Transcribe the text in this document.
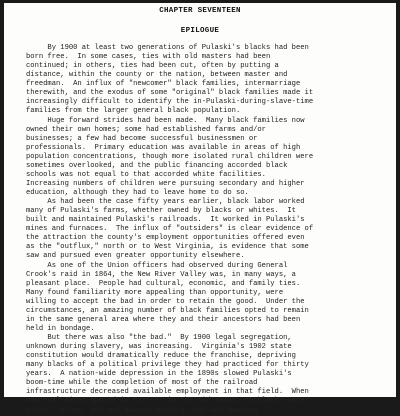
CHAPTER SEVENTEEN
EPILOGUE
By 1900 at least two generations of Pulaski's blacks had been
born free.  In some cases, ties with old masters had been
continued; in others, ties had been cut, often by putting a
distance, within the county or the nation, between master and
freedman.  An influx of "newcomer" black families, intermarriage
therewith, and the exodus of some "original" black families made it
increasingly difficult to identify the in-Pulaski-during-slave-time
families from the larger general black population.
Huge forward strides had been made.  Many black families now
owned their own homes; some had established farms and/or
businesses; a few had become successful businessmen or
professionals.  Primary education was available in areas of high
population concentrations, though more isolated rural children were
sometimes overlooked, and the public financing accorded black
schools was not equal to that accorded white facilities.
Increasing numbers of children were pursuing secondary and higher
education, although they had to leave home to do so.
As had been the case fifty years earlier, black labor worked
many of Pulaski's farms, whether owned by blacks or whites.  It
built and maintained Pulaski's railroads.  It worked in Pulaski's
mines and furnaces.  The influx of "outsiders" is clear evidence of
the attraction the county's employment opportunities offered even
as the "outflux," north or to West Virginia, is evidence that some
saw and pursued even greater opportunity elsewhere.
As one of the Union officers had observed during General
Crook's raid in 1864, the New River Valley was, in many ways, a
pleasant place.  People had cultural, economic, and family ties.
Many found familiarity more appealing than opportunity, were
willing to accept the bad in order to retain the good.  Under the
circumstances, an amazing number of black families opted to remain
in the same general area where they and their ancestors had been
held in bondage.
But there was also "the bad."  By 1900 legal segregation,
unknown during slavery, was increasing.  Virginia's 1902 state
constitution would dramatically reduce the franchise, depriving
many blacks of a political privilege they had practiced for thirty
years.  A nation-wide depression in the 1890s slowed Pulaski's
boom-time while the completion of most of the railroad
infrastructure decreased available employment in that field.  When
new coal mines opened in Parrott in the mid 1890s, no blacks were
hired.  A new, but not always shining, day was dawning.
